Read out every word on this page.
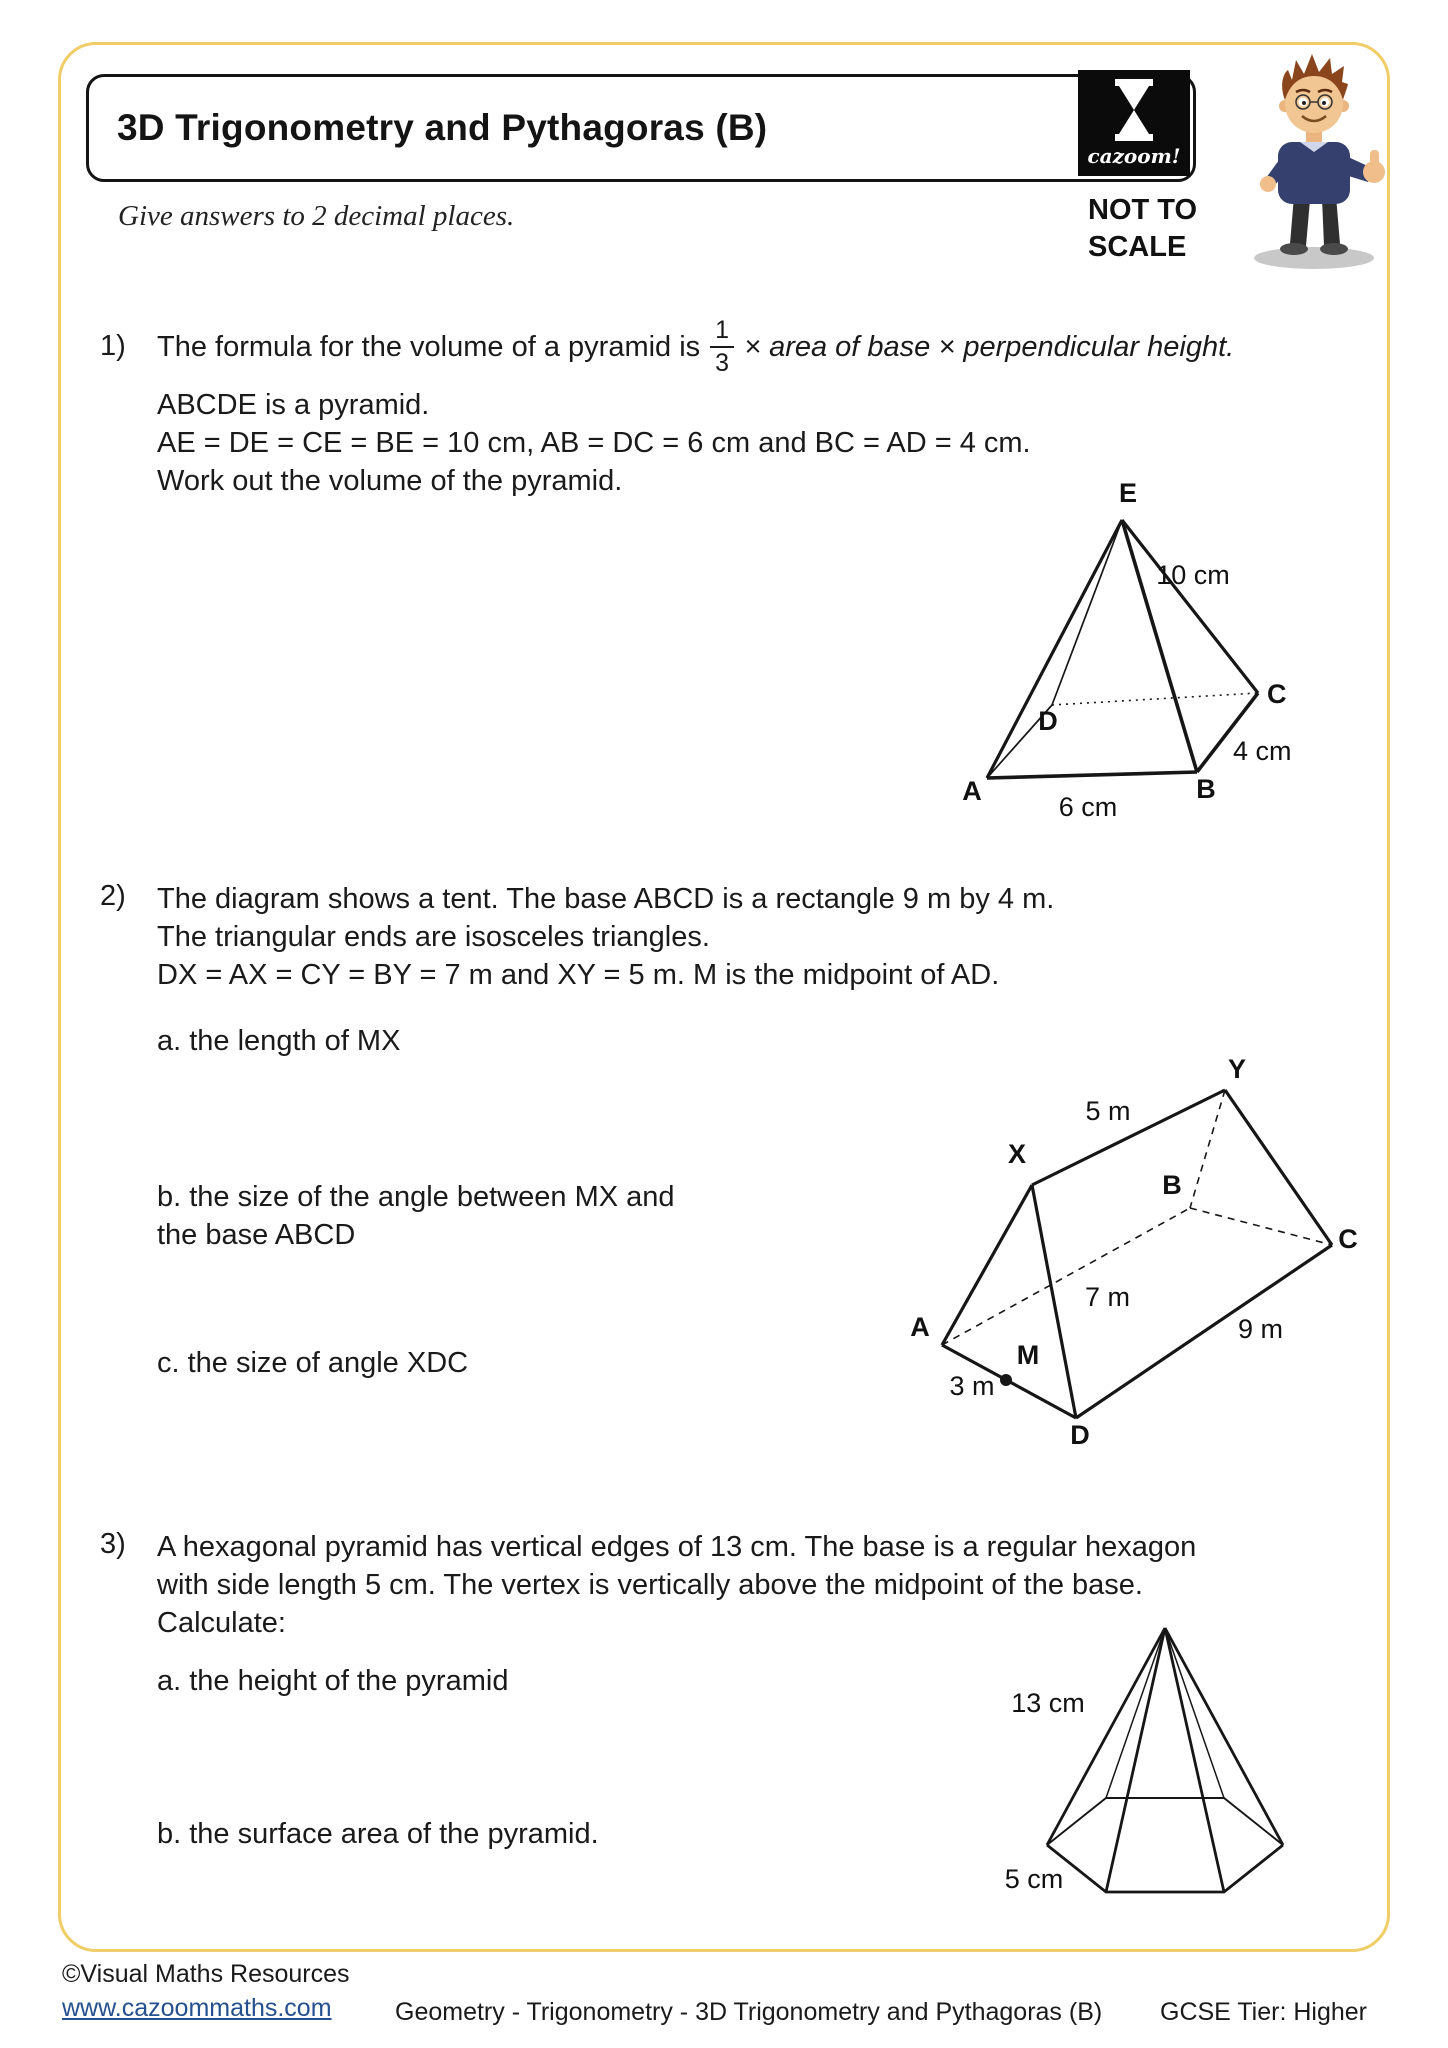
3D Trigonometry and Pythagoras (B)
cazoom!
Give answers to 2 decimal places.	NOT TO
SCALE
1) The formula for the volume of a pyramid is $\frac{1}{3}$ × area of base × perpendicular height.
ABCDE is a pyramid.
AE = DE = CE = BE = 10 cm, AB = DC = 6 cm and BC = AD = 4 cm.
Work out the volume of the pyramid.	E
10 cm
C
D
4 cm
A	B
6 cm
2) The diagram shows a tent. The base ABCD is a rectangle 9 m by 4 m.
The triangular ends are isosceles triangles.
DX = AX = CY = BY = 7 m and XY = 5 m. M is the midpoint of AD.
a. the length of MX
b. the size of the angle between MX and
the base ABCD
c. the size of angle XDC
Y
5 m
X
B
C
7 m
A
M
9 m
3 m
D
3) A hexagonal pyramid has vertical edges of 13 cm. The base is a regular hexagon
with side length 5 cm. The vertex is vertically above the midpoint of the base.
Calculate:
a. the height of the pyramid
b. the surface area of the pyramid.
13 cm
5 cm
©Visual Maths Resources
www.cazoommaths.com	Geometry - Trigonometry - 3D Trigonometry and Pythagoras (B) GCSE Tier: Higher
